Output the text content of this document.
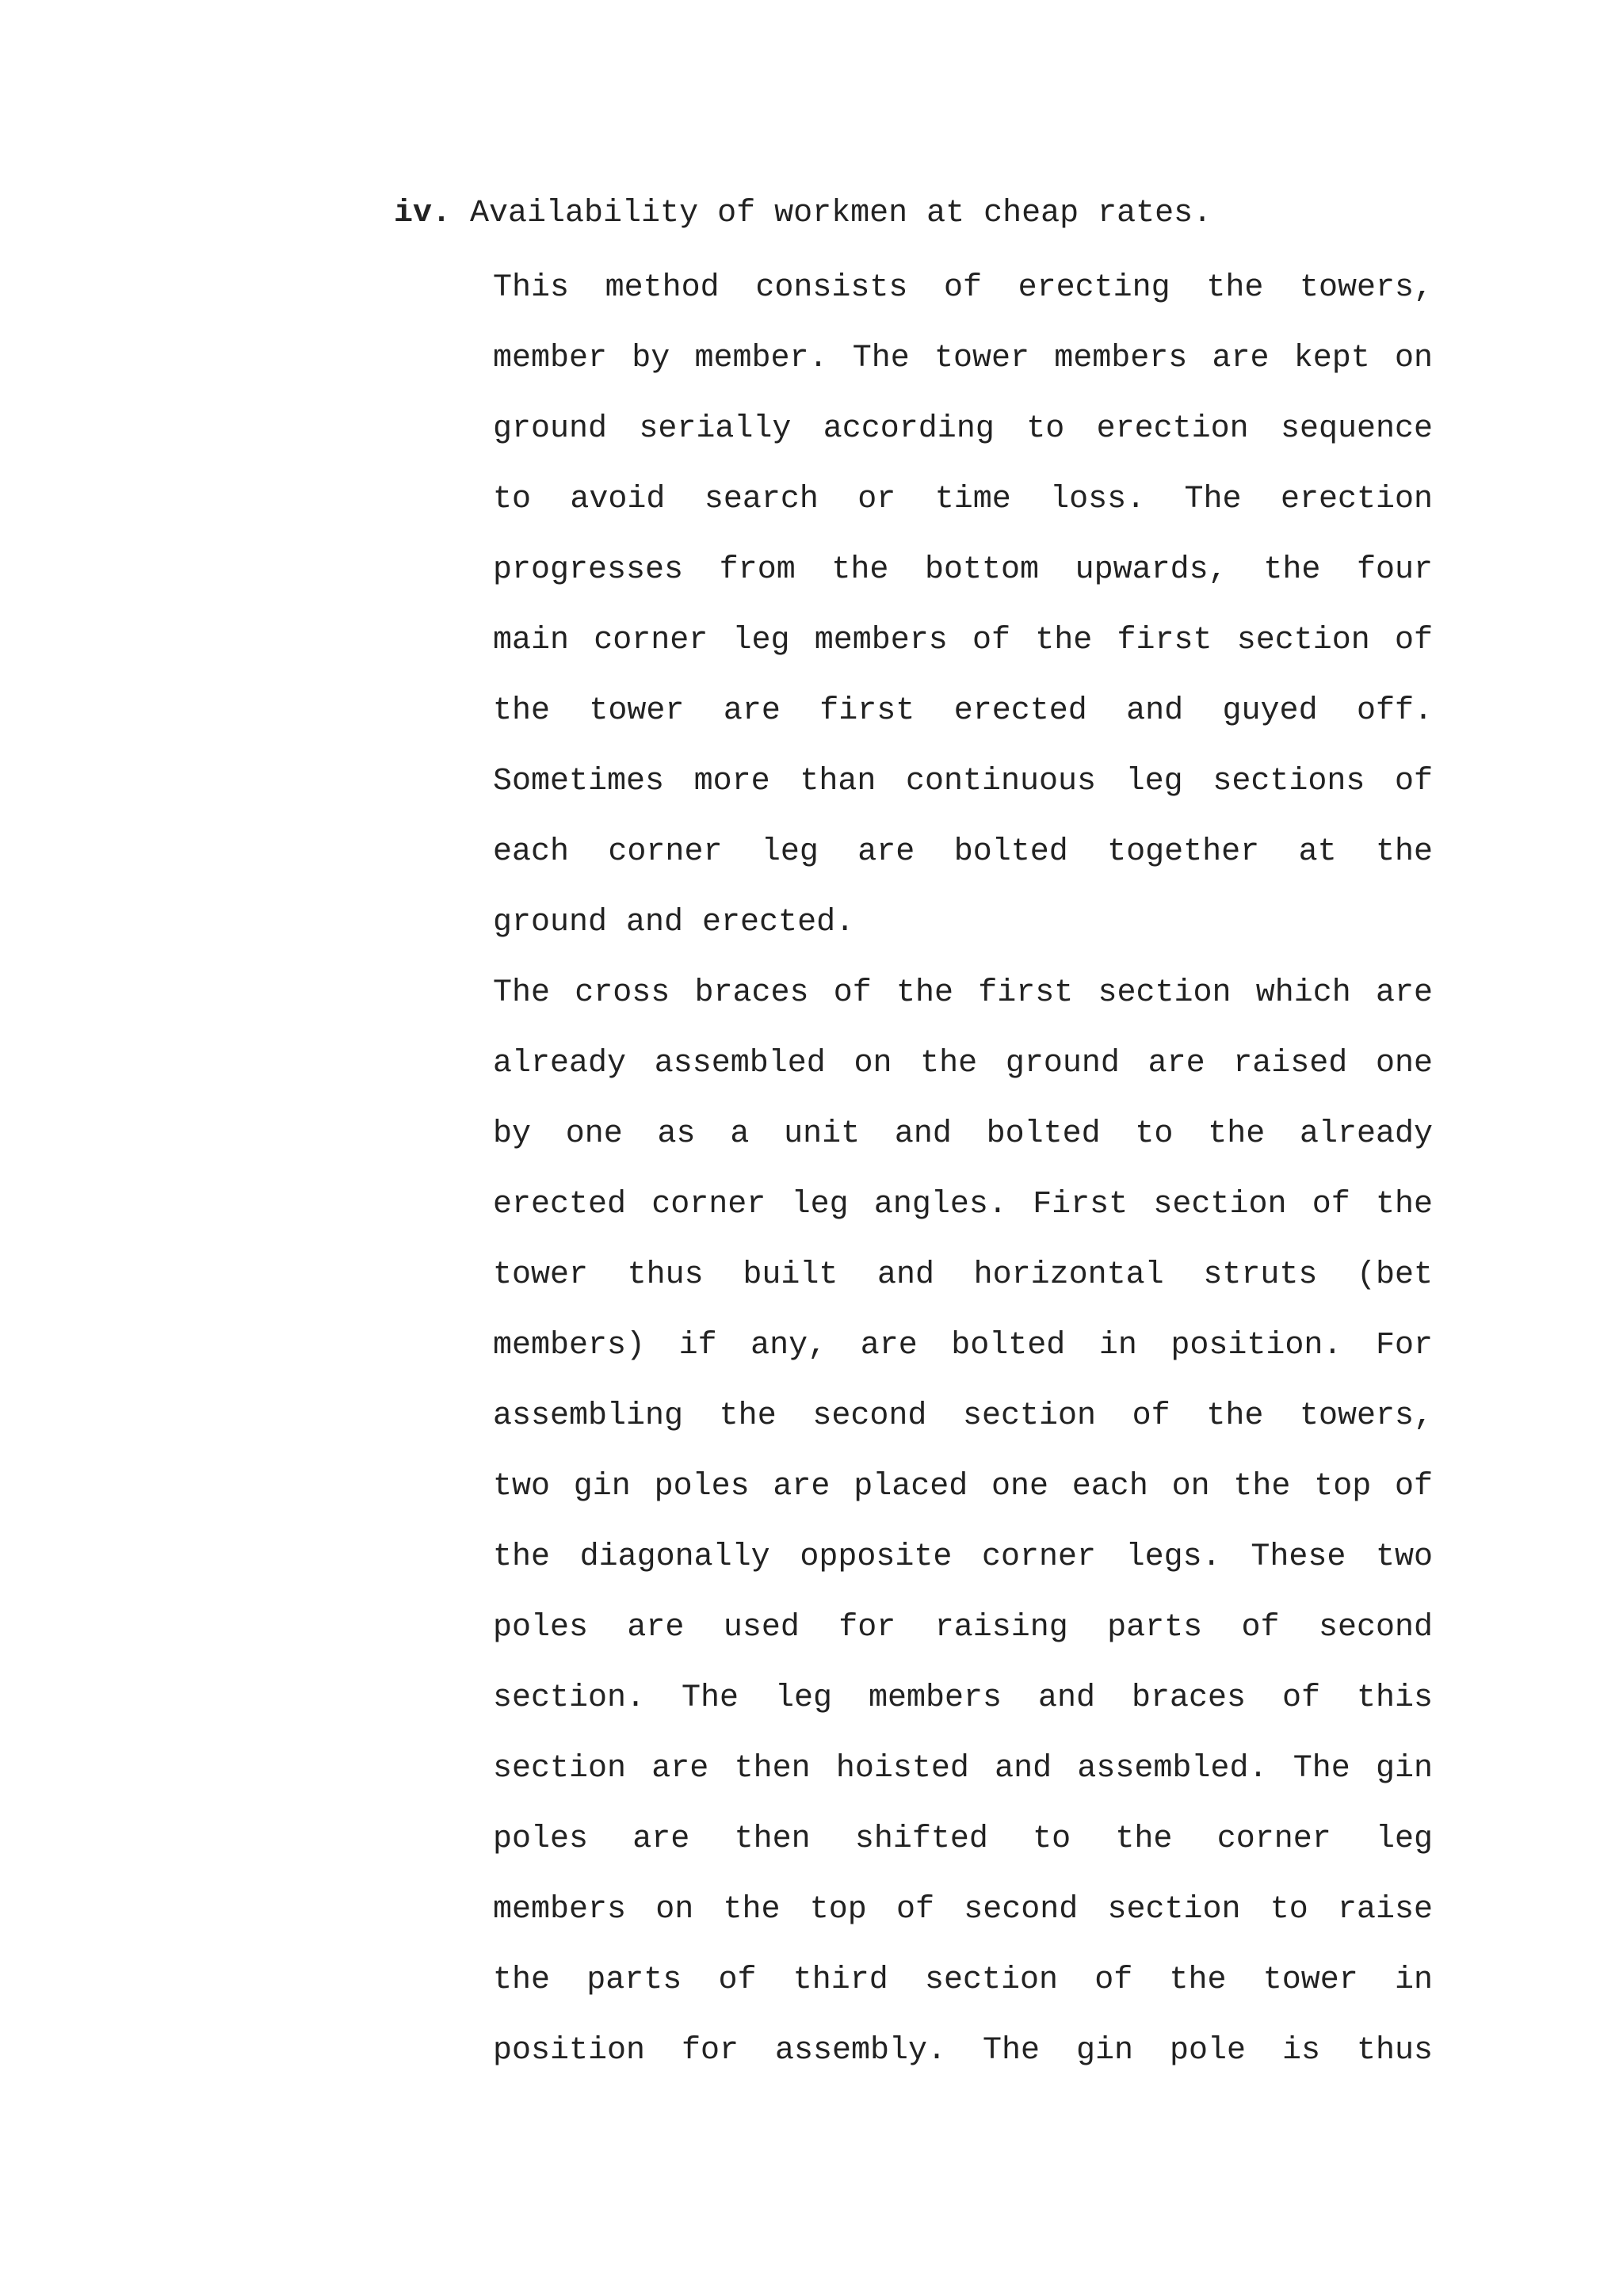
iv. Availability of workmen at cheap rates.
This method consists of erecting the towers,
member by member. The tower members are kept on
ground serially according to erection sequence
to avoid search or time loss. The erection
progresses from the bottom upwards, the four
main corner leg members of the first section of
the tower are first erected and guyed off.
Sometimes more than continuous leg sections of
each corner leg are bolted together at the
ground and erected.
The cross braces of the first section which are
already assembled on the ground are raised one
by one as a unit and bolted to the already
erected corner leg angles. First section of the
tower thus built and horizontal struts (bet
members) if any, are bolted in position. For
assembling the second section of the towers,
two gin poles are placed one each on the top of
the diagonally opposite corner legs. These two
poles are used for raising parts of second
section. The leg members and braces of this
section are then hoisted and assembled. The gin
poles are then shifted to the corner leg
members on the top of second section to raise
the parts of third section of the tower in
position for assembly. The gin pole is thus
